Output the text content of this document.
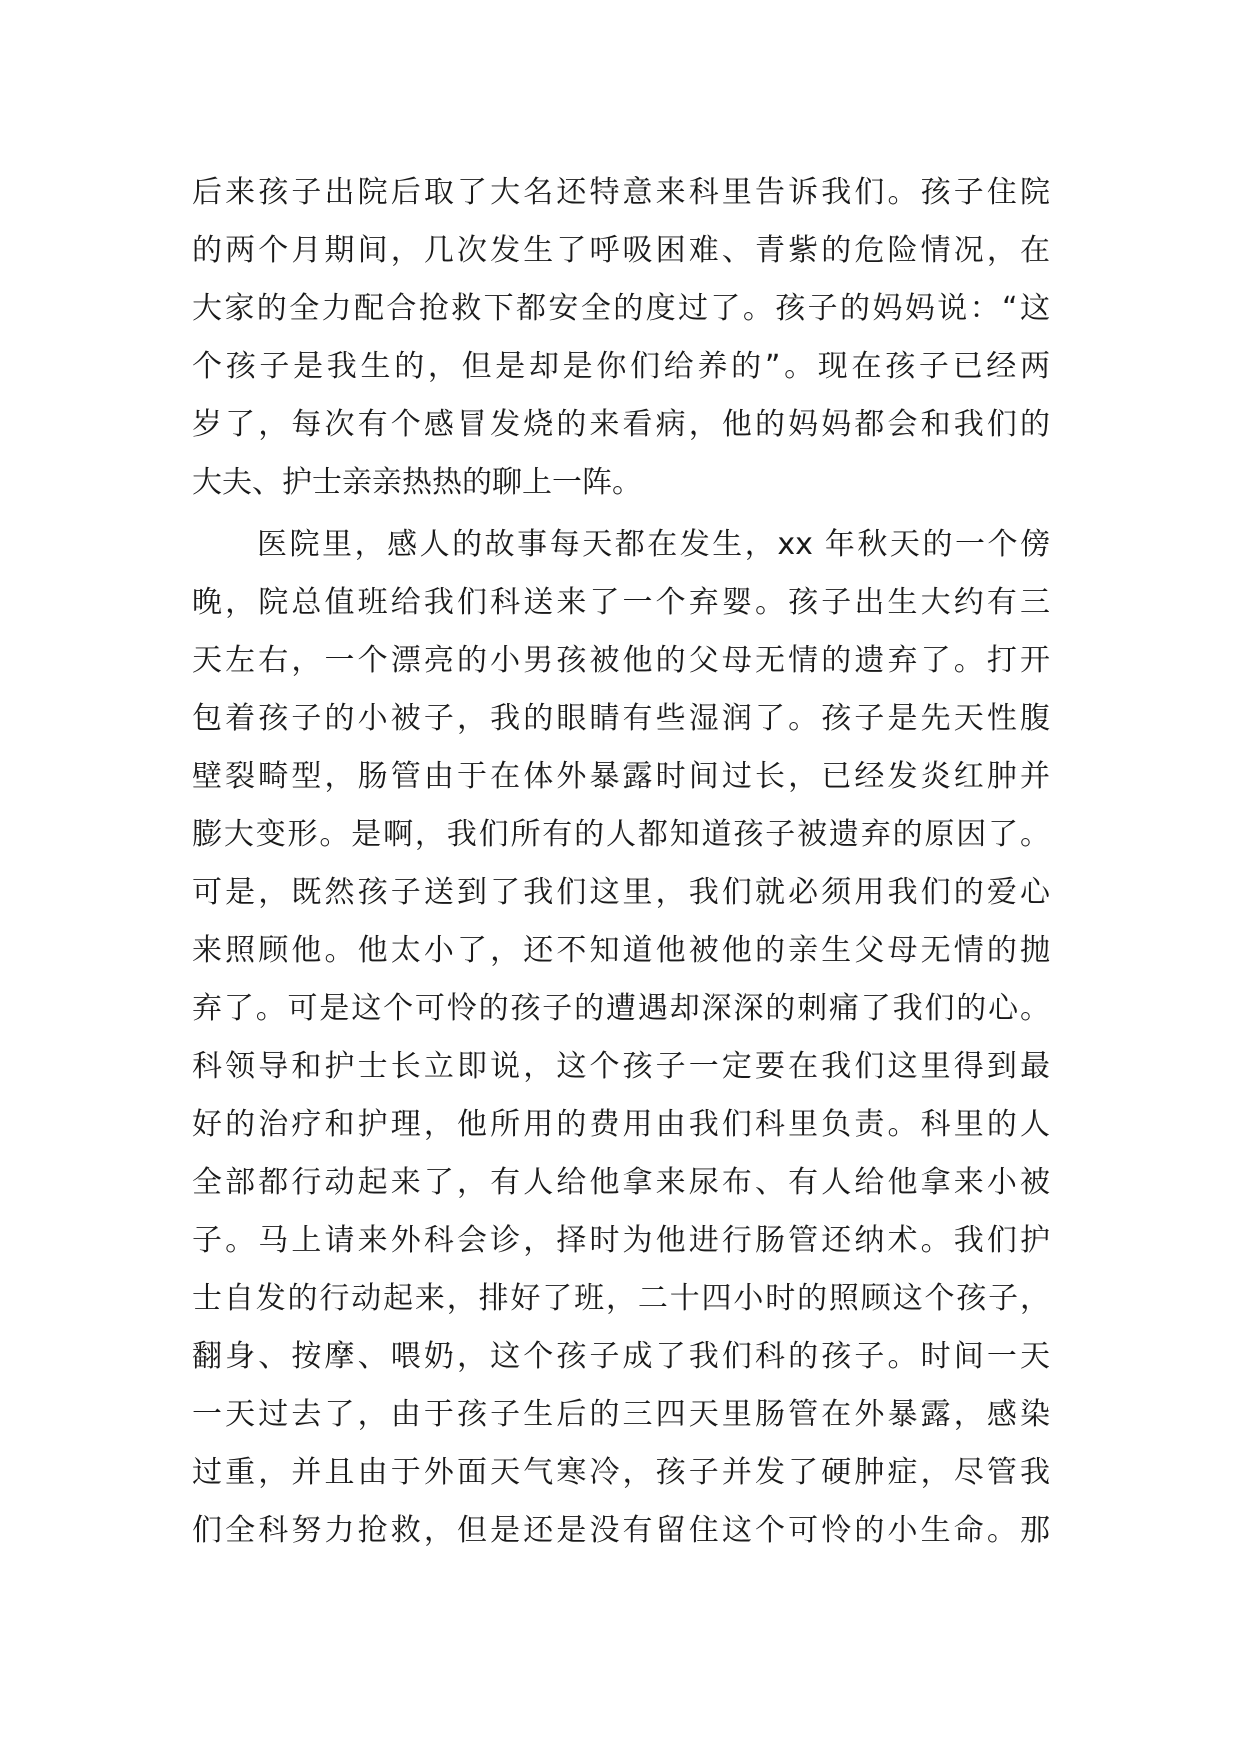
后来孩子出院后取了大名还特意来科里告诉我们。孩子住院
的两个月期间，几次发生了呼吸困难、青紫的危险情况，在
大家的全力配合抢救下都安全的度过了。孩子的妈妈说：“这
个孩子是我生的，但是却是你们给养的”。现在孩子已经两
岁了，每次有个感冒发烧的来看病，他的妈妈都会和我们的
大夫、护士亲亲热热的聊上一阵。
　　医院里，感人的故事每天都在发生，xx 年秋天的一个傍
晚，院总值班给我们科送来了一个弃婴。孩子出生大约有三
天左右，一个漂亮的小男孩被他的父母无情的遗弃了。打开
包着孩子的小被子，我的眼睛有些湿润了。孩子是先天性腹
壁裂畸型，肠管由于在体外暴露时间过长，已经发炎红肿并
膨大变形。是啊，我们所有的人都知道孩子被遗弃的原因了。
可是，既然孩子送到了我们这里，我们就必须用我们的爱心
来照顾他。他太小了，还不知道他被他的亲生父母无情的抛
弃了。可是这个可怜的孩子的遭遇却深深的刺痛了我们的心。
科领导和护士长立即说，这个孩子一定要在我们这里得到最
好的治疗和护理，他所用的费用由我们科里负责。科里的人
全部都行动起来了，有人给他拿来尿布、有人给他拿来小被
子。马上请来外科会诊，择时为他进行肠管还纳术。我们护
士自发的行动起来，排好了班，二十四小时的照顾这个孩子，
翻身、按摩、喂奶，这个孩子成了我们科的孩子。时间一天
一天过去了，由于孩子生后的三四天里肠管在外暴露，感染
过重，并且由于外面天气寒冷，孩子并发了硬肿症，尽管我
们全科努力抢救，但是还是没有留住这个可怜的小生命。那
